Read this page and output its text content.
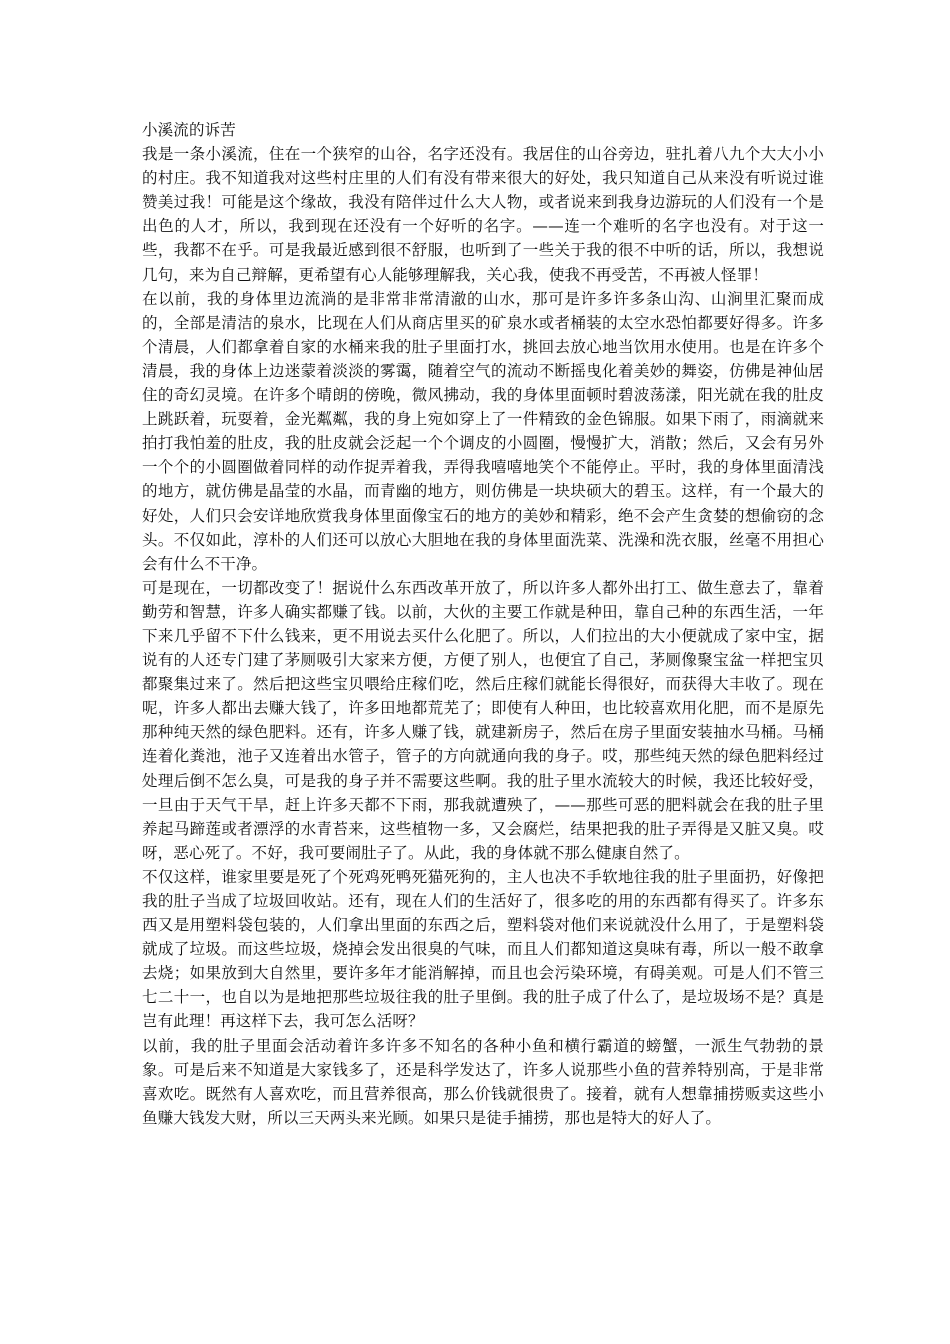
小溪流的诉苦
我是一条小溪流，住在一个狭窄的山谷，名字还没有。我居住的山谷旁边，驻扎着八九个大大小小的村庄。我不知道我对这些村庄里的人们有没有带来很大的好处，我只知道自己从来没有听说过谁赞美过我！可能是这个缘故，我没有陪伴过什么大人物，或者说来到我身边游玩的人们没有一个是出色的人才，所以，我到现在还没有一个好听的名字。——连一个难听的名字也没有。对于这一些，我都不在乎。可是我最近感到很不舒服，也听到了一些关于我的很不中听的话，所以，我想说几句，来为自己辩解，更希望有心人能够理解我，关心我，使我不再受苦，不再被人怪罪！
在以前，我的身体里边流淌的是非常非常清澈的山水，那可是许多许多条山沟、山涧里汇聚而成的，全部是清洁的泉水，比现在人们从商店里买的矿泉水或者桶装的太空水恐怕都要好得多。许多个清晨，人们都拿着自家的水桶来我的肚子里面打水，挑回去放心地当饮用水使用。也是在许多个清晨，我的身体上边迷蒙着淡淡的雾霭，随着空气的流动不断摇曳化着美妙的舞姿，仿佛是神仙居住的奇幻灵境。在许多个晴朗的傍晚，微风拂动，我的身体里面顿时碧波荡漾，阳光就在我的肚皮上跳跃着，玩耍着，金光粼粼，我的身上宛如穿上了一件精致的金色锦服。如果下雨了，雨滴就来拍打我怕羞的肚皮，我的肚皮就会泛起一个个调皮的小圆圈，慢慢扩大，消散；然后，又会有另外一个个的小圆圈做着同样的动作捉弄着我，弄得我嘻嘻地笑个不能停止。平时，我的身体里面清浅的地方，就仿佛是晶莹的水晶，而青幽的地方，则仿佛是一块块硕大的碧玉。这样，有一个最大的好处，人们只会安详地欣赏我身体里面像宝石的地方的美妙和精彩，绝不会产生贪婪的想偷窃的念头。不仅如此，淳朴的人们还可以放心大胆地在我的身体里面洗菜、洗澡和洗衣服，丝毫不用担心会有什么不干净。
可是现在，一切都改变了！据说什么东西改革开放了，所以许多人都外出打工、做生意去了，靠着勤劳和智慧，许多人确实都赚了钱。以前，大伙的主要工作就是种田，靠自己种的东西生活，一年下来几乎留不下什么钱来，更不用说去买什么化肥了。所以，人们拉出的大小便就成了家中宝，据说有的人还专门建了茅厕吸引大家来方便，方便了别人，也便宜了自己，茅厕像聚宝盆一样把宝贝都聚集过来了。然后把这些宝贝喂给庄稼们吃，然后庄稼们就能长得很好，而获得大丰收了。现在呢，许多人都出去赚大钱了，许多田地都荒芜了；即使有人种田，也比较喜欢用化肥，而不是原先那种纯天然的绿色肥料。还有，许多人赚了钱，就建新房子，然后在房子里面安装抽水马桶。马桶连着化粪池，池子又连着出水管子，管子的方向就通向我的身子。哎，那些纯天然的绿色肥料经过处理后倒不怎么臭，可是我的身子并不需要这些啊。我的肚子里水流较大的时候，我还比较好受，一旦由于天气干旱，赶上许多天都不下雨，那我就遭殃了，——那些可恶的肥料就会在我的肚子里养起马蹄莲或者漂浮的水青苔来，这些植物一多，又会腐烂，结果把我的肚子弄得是又脏又臭。哎呀，恶心死了。不好，我可要闹肚子了。从此，我的身体就不那么健康自然了。
不仅这样，谁家里要是死了个死鸡死鸭死猫死狗的，主人也决不手软地往我的肚子里面扔，好像把我的肚子当成了垃圾回收站。还有，现在人们的生活好了，很多吃的用的东西都有得买了。许多东西又是用塑料袋包装的，人们拿出里面的东西之后，塑料袋对他们来说就没什么用了，于是塑料袋就成了垃圾。而这些垃圾，烧掉会发出很臭的气味，而且人们都知道这臭味有毒，所以一般不敢拿去烧；如果放到大自然里，要许多年才能消解掉，而且也会污染环境，有碍美观。可是人们不管三七二十一，也自以为是地把那些垃圾往我的肚子里倒。我的肚子成了什么了，是垃圾场不是？真是岂有此理！再这样下去，我可怎么活呀？
以前，我的肚子里面会活动着许多许多不知名的各种小鱼和横行霸道的螃蟹，一派生气勃勃的景象。可是后来不知道是大家钱多了，还是科学发达了，许多人说那些小鱼的营养特别高，于是非常喜欢吃。既然有人喜欢吃，而且营养很高，那么价钱就很贵了。接着，就有人想靠捕捞贩卖这些小鱼赚大钱发大财，所以三天两头来光顾。如果只是徒手捕捞，那也是特大的好人了。
